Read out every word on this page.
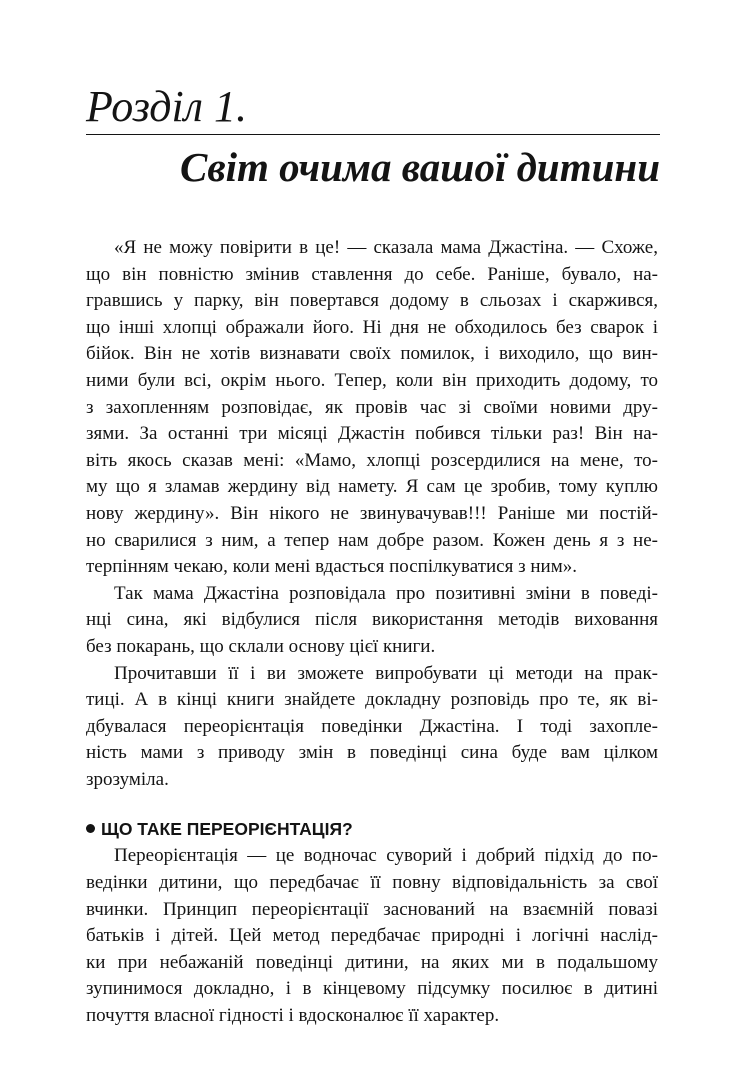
Розділ 1.
Світ очима вашої дитини
«Я не можу повірити в це! — сказала мама Джастіна. — Схоже,
що він повністю змінив ставлення до себе. Раніше, бувало, на-
гравшись у парку, він повертався додому в сльозах і скаржився,
що інші хлопці ображали його. Ні дня не обходилось без сварок і
бійок. Він не хотів визнавати своїх помилок, і виходило, що вин-
ними були всі, окрім нього. Тепер, коли він приходить додому, то
з захопленням розповідає, як провів час зі своїми новими дру-
зями. За останні три місяці Джастін побився тільки раз! Він на-
віть якось сказав мені: «Мамо, хлопці розсердилися на мене, то-
му що я зламав жердину від намету. Я сам це зробив, тому куплю
нову жердину». Він нікого не звинувачував!!! Раніше ми постій-
но сварилися з ним, а тепер нам добре разом. Кожен день я з не-
терпінням чекаю, коли мені вдасться поспілкуватися з ним».
Так мама Джастіна розповідала про позитивні зміни в поведі-
нці сина, які відбулися після використання методів виховання
без покарань, що склали основу цієї книги.
Прочитавши її і ви зможете випробувати ці методи на прак-
тиці. А в кінці книги знайдете докладну розповідь про те, як ві-
дбувалася переорієнтація поведінки Джастіна. І тоді захопле-
ність мами з приводу змін в поведінці сина буде вам цілком
зрозуміла.
ЩО ТАКЕ ПЕРЕОРІЄНТАЦІЯ?
Переорієнтація — це водночас суворий і добрий підхід до по-
ведінки дитини, що передбачає її повну відповідальність за свої
вчинки. Принцип переорієнтації заснований на взаємній повазі
батьків і дітей. Цей метод передбачає природні і логічні наслід-
ки при небажаній поведінці дитини, на яких ми в подальшому
зупинимося докладно, і в кінцевому підсумку посилює в дитині
почуття власної гідності і вдосконалює її характер.
